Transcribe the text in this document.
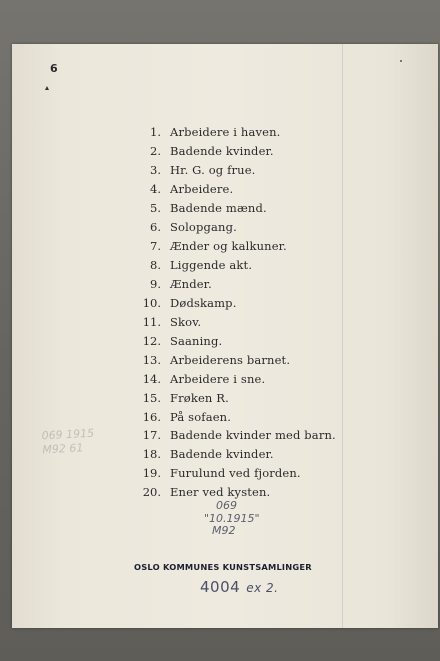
6
1. Arbeidere i haven.
2. Badende kvinder.
3. Hr. G. og frue.
4. Arbeidere.
5. Badende mænd.
6. Solopgang.
7. Ænder og kalkuner.
8. Liggende akt.
9. Ænder.
10. Dødskamp.
11. Skov.
12. Saaning.
13. Arbeiderens barnet.
14. Arbeidere i sne.
15. Frøken R.
16. På sofaen.
17. Badende kvinder med barn.
18. Badende kvinder.
19. Furulund ved fjorden.
20. Ener ved kysten.
069 1915
M92 61
069
"10.1915"
M92
OSLO KOMMUNES KUNSTSAMLINGER
4004 ex 2.
